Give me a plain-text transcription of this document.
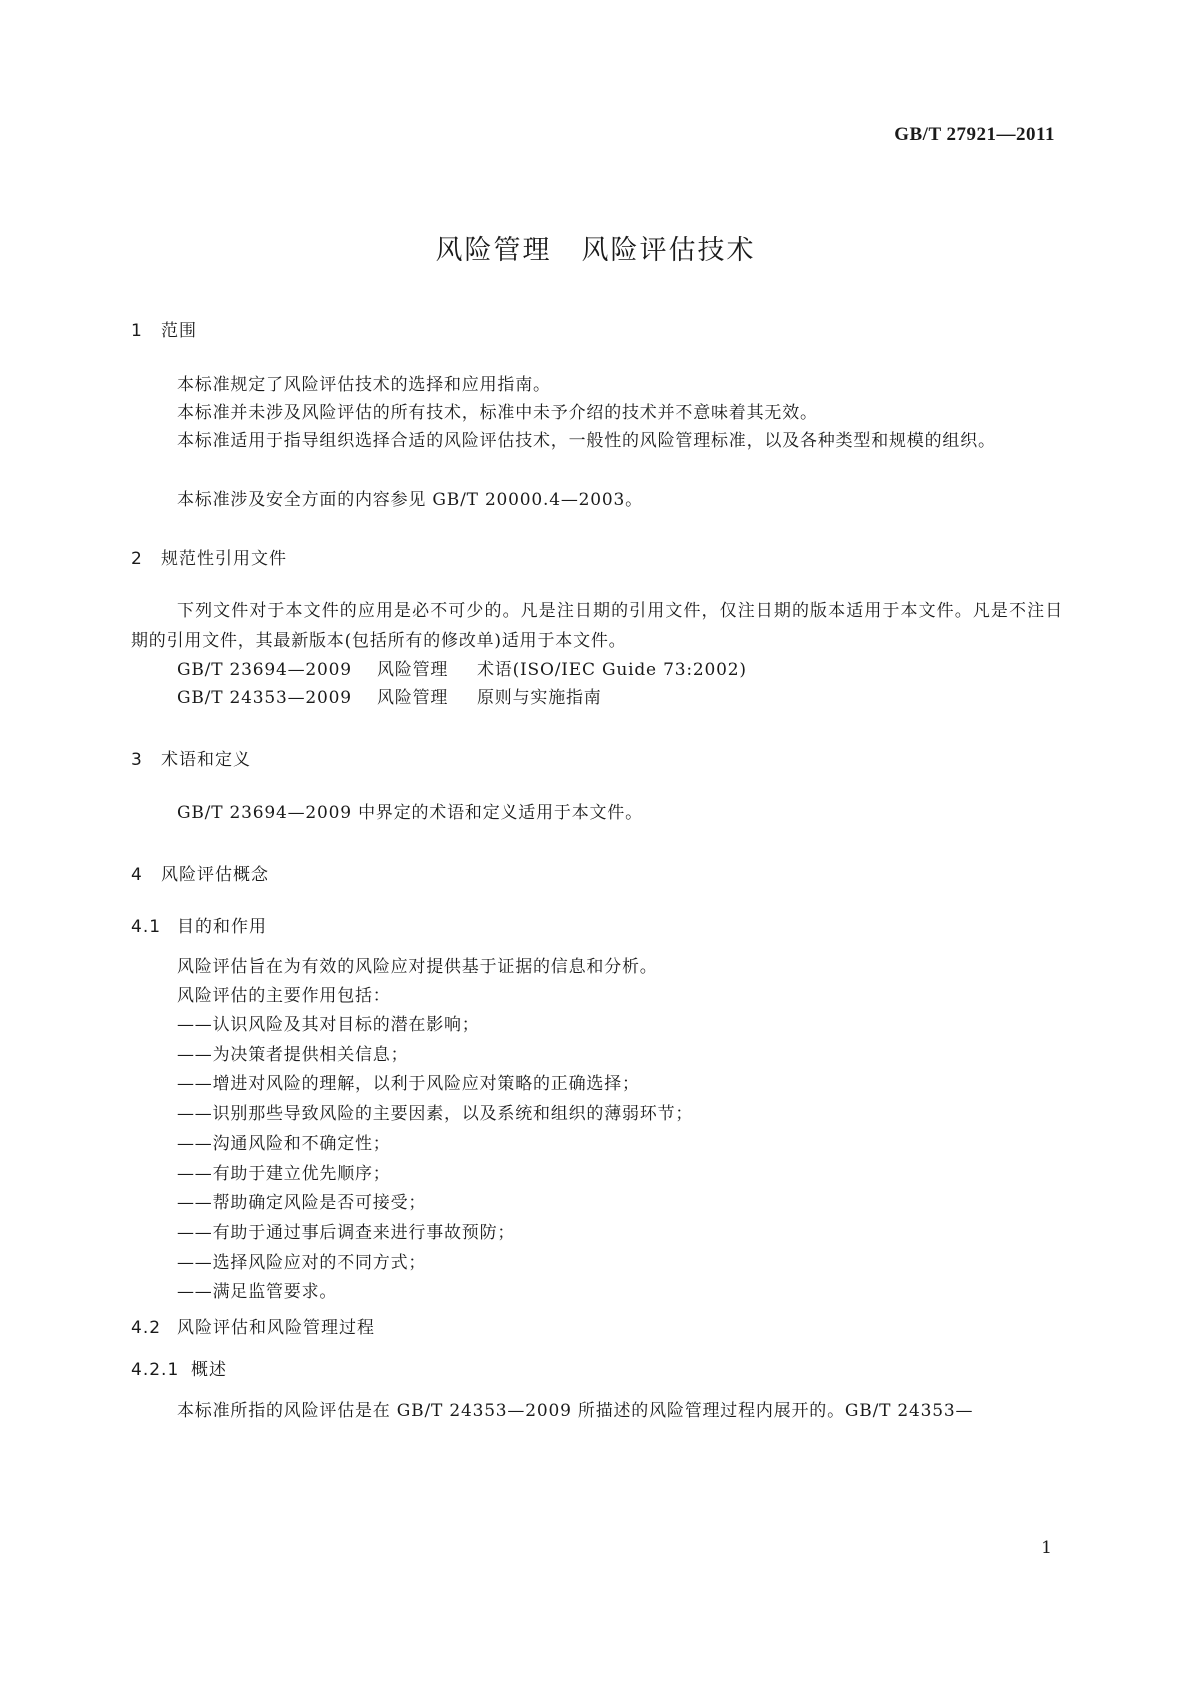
GB/T 27921—2011
风险管理 风险评估技术
1 范围
本标准规定了风险评估技术的选择和应用指南。
本标准并未涉及风险评估的所有技术，标准中未予介绍的技术并不意味着其无效。
本标准适用于指导组织选择合适的风险评估技术，一般性的风险管理标准，以及各种类型和规模的组织。
本标准涉及安全方面的内容参见 GB/T 20000.4—2003。
2 规范性引用文件
下列文件对于本文件的应用是必不可少的。凡是注日期的引用文件，仅注日期的版本适用于本文件。凡是不注日期的引用文件，其最新版本(包括所有的修改单)适用于本文件。
GB/T 23694—2009 风险管理 术语(ISO/IEC Guide 73:2002)
GB/T 24353—2009 风险管理 原则与实施指南
3 术语和定义
GB/T 23694—2009 中界定的术语和定义适用于本文件。
4 风险评估概念
4.1 目的和作用
风险评估旨在为有效的风险应对提供基于证据的信息和分析。
风险评估的主要作用包括：
——认识风险及其对目标的潜在影响；
——为决策者提供相关信息；
——增进对风险的理解，以利于风险应对策略的正确选择；
——识别那些导致风险的主要因素，以及系统和组织的薄弱环节；
——沟通风险和不确定性；
——有助于建立优先顺序；
——帮助确定风险是否可接受；
——有助于通过事后调查来进行事故预防；
——选择风险应对的不同方式；
——满足监管要求。
4.2 风险评估和风险管理过程
4.2.1 概述
本标准所指的风险评估是在 GB/T 24353—2009 所描述的风险管理过程内展开的。GB/T 24353—
1
